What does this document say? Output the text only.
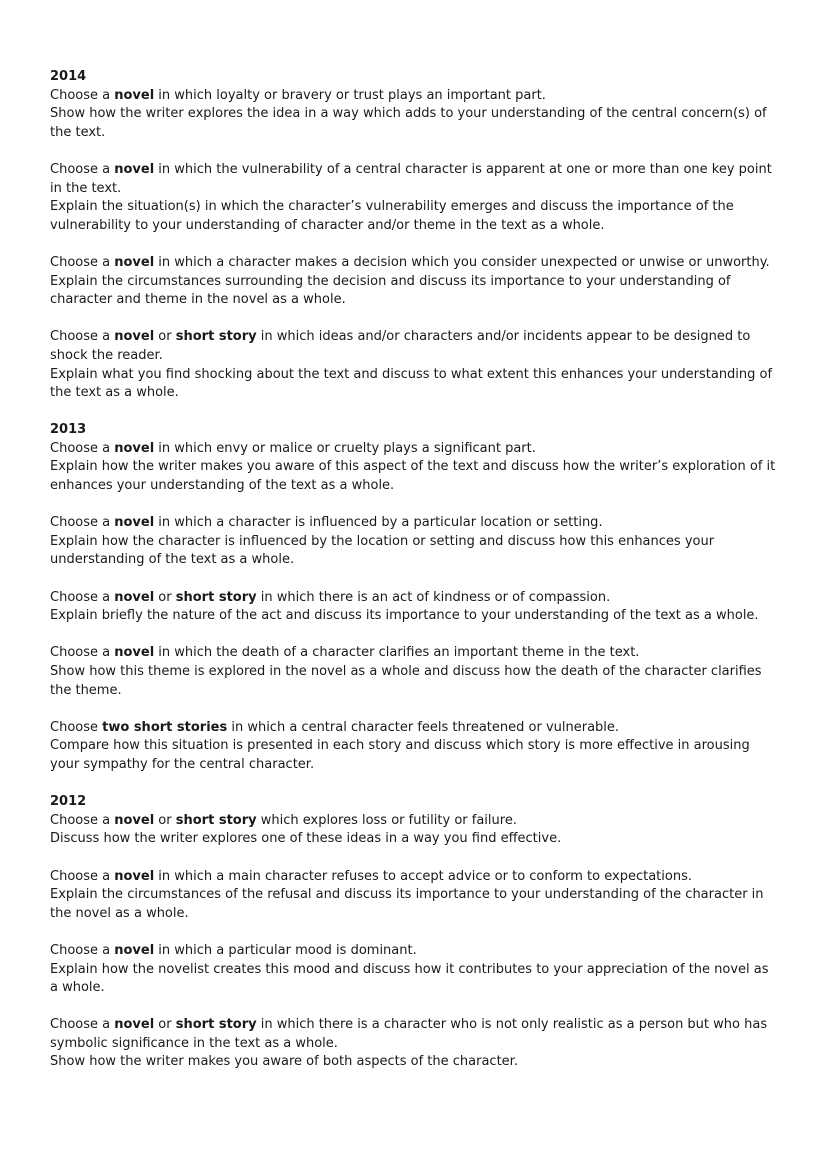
2014

Choose a novel in which loyalty or bravery or trust plays an important part.

Show how the writer explores the idea in a way which adds to your understanding of the central concern(s) of the text.

Choose a novel in which the vulnerability of a central character is apparent at one or more than one key point in the text.

Explain the situation(s) in which the character’s vulnerability emerges and discuss the importance of the vulnerability to your understanding of character and/or theme in the text as a whole.

Choose a novel in which a character makes a decision which you consider unexpected or unwise or unworthy.

Explain the circumstances surrounding the decision and discuss its importance to your understanding of character and theme in the novel as a whole.

Choose a novel or short story in which ideas and/or characters and/or incidents appear to be designed to shock the reader.

Explain what you find shocking about the text and discuss to what extent this enhances your understanding of the text as a whole.

2013

Choose a novel in which envy or malice or cruelty plays a significant part.

Explain how the writer makes you aware of this aspect of the text and discuss how the writer’s exploration of it enhances your understanding of the text as a whole.

Choose a novel in which a character is influenced by a particular location or setting.

Explain how the character is influenced by the location or setting and discuss how this enhances your understanding of the text as a whole.

Choose a novel or short story in which there is an act of kindness or of compassion.

Explain briefly the nature of the act and discuss its importance to your understanding of the text as a whole.

Choose a novel in which the death of a character clarifies an important theme in the text.

Show how this theme is explored in the novel as a whole and discuss how the death of the character clarifies the theme.

Choose two short stories in which a central character feels threatened or vulnerable.

Compare how this situation is presented in each story and discuss which story is more effective in arousing your sympathy for the central character.

2012

Choose a novel or short story which explores loss or futility or failure.

Discuss how the writer explores one of these ideas in a way you find effective.

Choose a novel in which a main character refuses to accept advice or to conform to expectations.

Explain the circumstances of the refusal and discuss its importance to your understanding of the character in the novel as a whole.

Choose a novel in which a particular mood is dominant.

Explain how the novelist creates this mood and discuss how it contributes to your appreciation of the novel as a whole.

Choose a novel or short story in which there is a character who is not only realistic as a person but who has symbolic significance in the text as a whole.

Show how the writer makes you aware of both aspects of the character.
